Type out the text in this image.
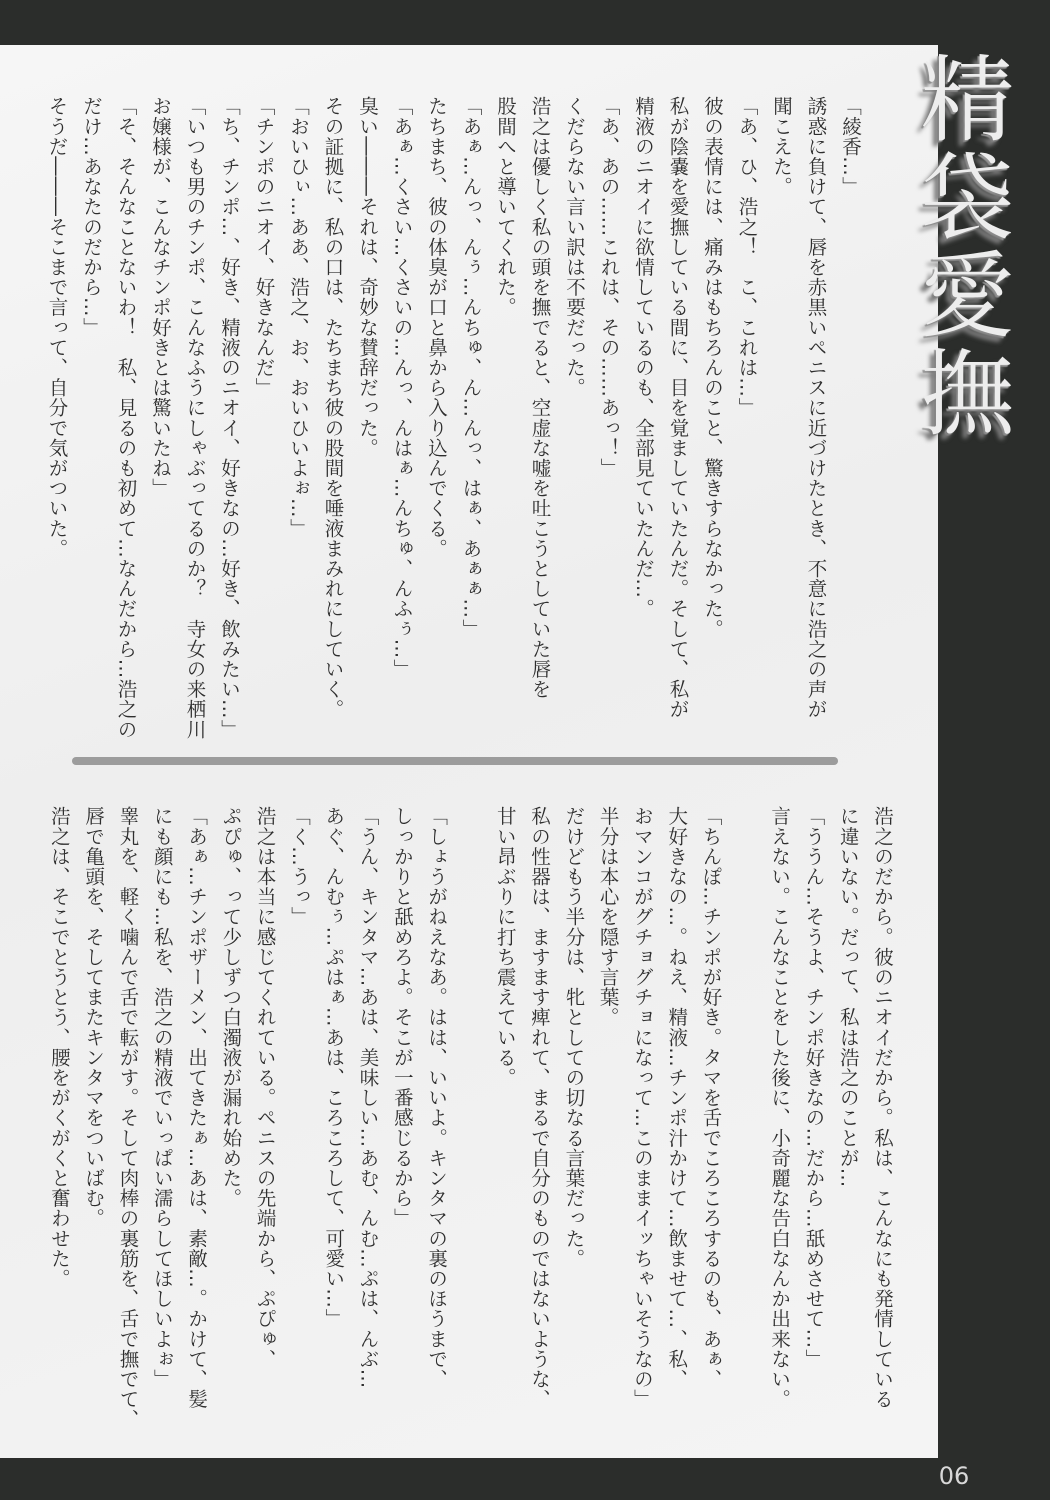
精袋愛撫
「綾香…」
誘惑に負けて、唇を赤黒いペニスに近づけたとき、不意に浩之の声が
聞こえた。
「あ、ひ、浩之！　こ、これは…」
彼の表情には、痛みはもちろんのこと、驚きすらなかった。
私が陰嚢を愛撫している間に、目を覚ましていたんだ。そして、私が
精液のニオイに欲情しているのも、全部見ていたんだ…。
「あ、あの……これは、その……あっ！」
くだらない言い訳は不要だった。
浩之は優しく私の頭を撫でると、空虚な嘘を吐こうとしていた唇を
股間へと導いてくれた。
「あぁ…んっ、んぅ…んちゅ、ん…んっ、はぁ、あぁぁ…」
たちまち、彼の体臭が口と鼻から入り込んでくる。
「あぁ…くさい…くさいの…んっ、んはぁ…んちゅ、んふぅ…」
臭い―――それは、奇妙な賛辞だった。
その証拠に、私の口は、たちまち彼の股間を唾液まみれにしていく。
「おいひぃ…ああ、浩之、お、おいひいよぉ…」
「チンポのニオイ、好きなんだ」
「ち、チンポ…、好き、精液のニオイ、好きなの…好き、飲みたい…」
「いつも男のチンポ、こんなふうにしゃぶってるのか？　寺女の来栖川
お嬢様が、こんなチンポ好きとは驚いたね」
「そ、そんなことないわ！　私、見るのも初めて…なんだから…浩之の
だけ…あなたのだから…」
そうだ―――そこまで言って、自分で気がついた。
浩之のだから。彼のニオイだから。私は、こんなにも発情している
に違いない。だって、私は浩之のことが…
「ううん…そうよ、チンポ好きなの…だから…舐めさせて…」
言えない。こんなことをした後に、小奇麗な告白なんか出来ない。

「ちんぽ…チンポが好き。タマを舌でころころするのも、あぁ、
大好きなの…。ねえ、精液…チンポ汁かけて…飲ませて…、私、
おマンコがグチョグチョになって…このままイッちゃいそうなの」
半分は本心を隠す言葉。
だけどもう半分は、牝としての切なる言葉だった。
私の性器は、ますます痺れて、まるで自分のものではないような、
甘い昂ぶりに打ち震えている。

「しょうがねえなあ。はは、いいよ。キンタマの裏のほうまで、
しっかりと舐めろよ。そこが一番感じるから」
「うん、キンタマ…あは、美味しい…あむ、んむ…ぷは、んぶ…
あぐ、んむぅ…ぷはぁ…あは、ころころして、可愛い…」
「く…うっ」
浩之は本当に感じてくれている。ペニスの先端から、ぷぴゅ、
ぷぴゅ、って少しずつ白濁液が漏れ始めた。
「あぁ…チンポザーメン、出てきたぁ…あは、素敵…。かけて、髪
にも顔にも…私を、浩之の精液でいっぱい濡らしてほしいよぉ」
睾丸を、軽く噛んで舌で転がす。そして肉棒の裏筋を、舌で撫でて、
唇で亀頭を、そしてまたキンタマをついばむ。
浩之は、そこでとうとう、腰をがくがくと奮わせた。
06
